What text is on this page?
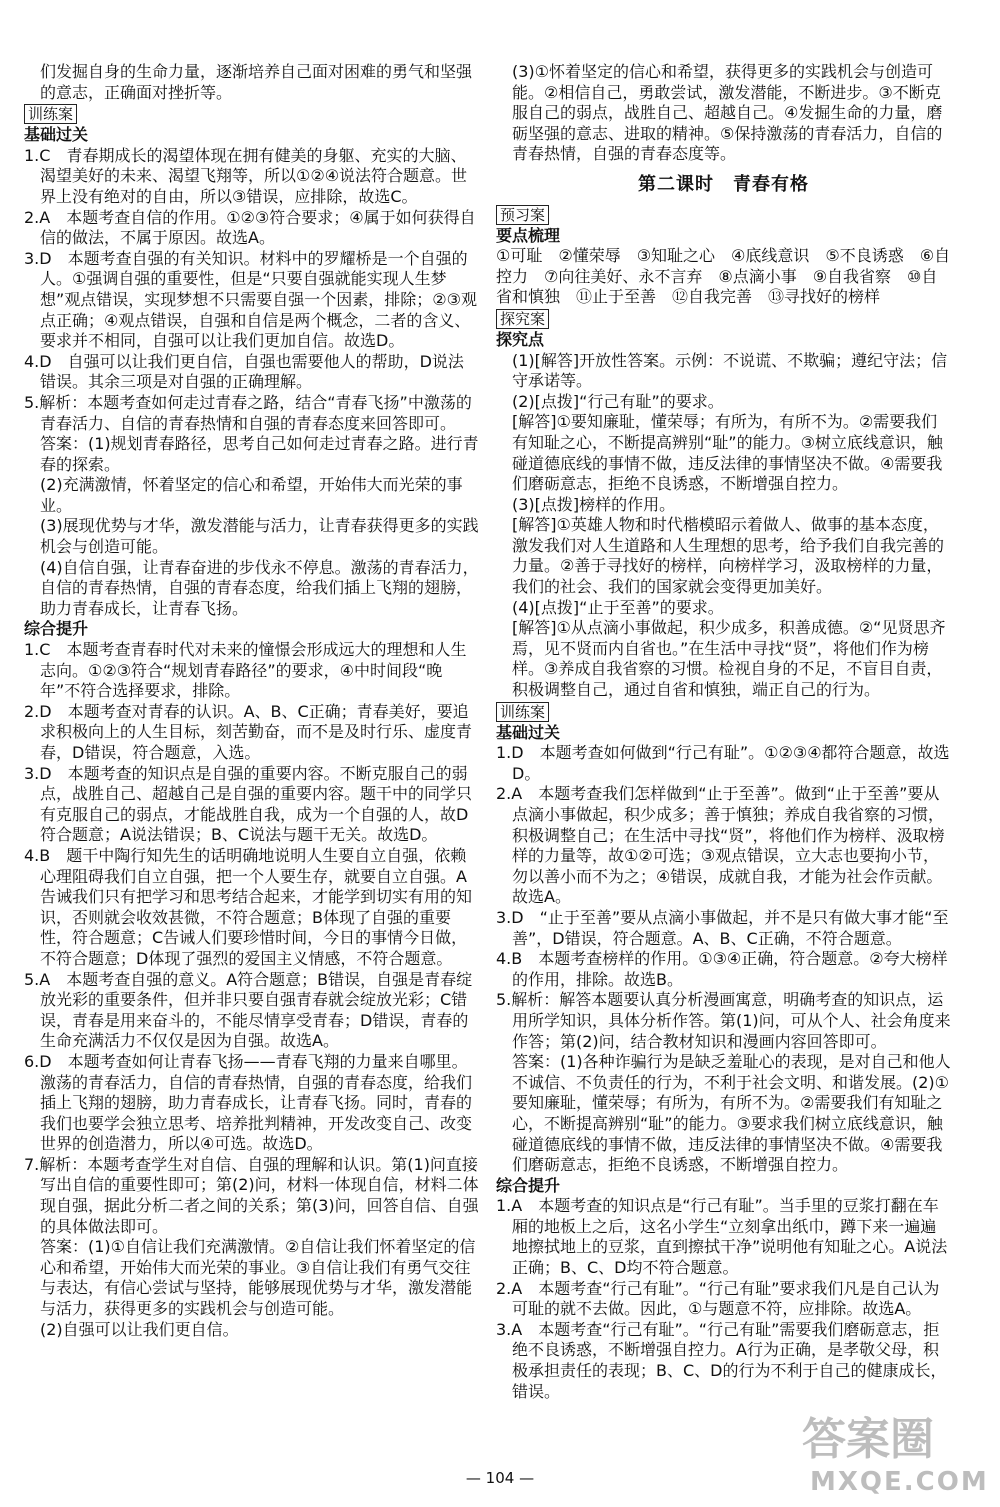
们发掘自身的生命力量，逐渐培养自己面对困难的勇气和坚强的意志，正确面对挫折等。

训练案

基础过关

1.C　青春期成长的渴望体现在拥有健美的身躯、充实的大脑、渴望美好的未来、渴望飞翔等，所以①②④说法符合题意。世界上没有绝对的自由，所以③错误，应排除，故选C。

2.A　本题考查自信的作用。①②③符合要求；④属于如何获得自信的做法，不属于原因。故选A。

3.D　本题考查自强的有关知识。材料中的罗耀桥是一个自强的人。①强调自强的重要性，但是“只要自强就能实现人生梦想”观点错误，实现梦想不只需要自强一个因素，排除；②③观点正确；④观点错误，自强和自信是两个概念，二者的含义、要求并不相同，自强可以让我们更加自信。故选D。

4.D　自强可以让我们更自信，自强也需要他人的帮助，D说法错误。其余三项是对自强的正确理解。

5.解析：本题考查如何走过青春之路，结合“青春飞扬”中激荡的青春活力、自信的青春热情和自强的青春态度来回答即可。

答案：(1)规划青春路径，思考自己如何走过青春之路。进行青春的探索。

(2)充满激情，怀着坚定的信心和希望，开始伟大而光荣的事业。

(3)展现优势与才华，激发潜能与活力，让青春获得更多的实践机会与创造可能。

(4)自信自强，让青春奋进的步伐永不停息。激荡的青春活力，自信的青春热情，自强的青春态度，给我们插上飞翔的翅膀，助力青春成长，让青春飞扬。

综合提升

1.C　本题考查青春时代对未来的憧憬会形成远大的理想和人生志向。①②③符合“规划青春路径”的要求，④中时间段“晚年”不符合选择要求，排除。

2.D　本题考查对青春的认识。A、B、C正确；青春美好，要追求积极向上的人生目标，刻苦勤奋，而不是及时行乐、虚度青春，D错误，符合题意，入选。

3.D　本题考查的知识点是自强的重要内容。不断克服自己的弱点，战胜自己、超越自己是自强的重要内容。题干中的同学只有克服自己的弱点，才能战胜自我，成为一个自强的人，故D符合题意；A说法错误；B、C说法与题干无关。故选D。

4.B　题干中陶行知先生的话明确地说明人生要自立自强，依赖心理阻碍我们自立自强，把一个人要生存，就要自立自强。A告诫我们只有把学习和思考结合起来，才能学到切实有用的知识，否则就会收效甚微，不符合题意；B体现了自强的重要性，符合题意；C告诫人们要珍惜时间，今日的事情今日做，不符合题意；D体现了强烈的爱国主义情感，不符合题意。

5.A　本题考查自强的意义。A符合题意；B错误，自强是青春绽放光彩的重要条件，但并非只要自强青春就会绽放光彩；C错误，青春是用来奋斗的，不能尽情享受青春；D错误，青春的生命充满活力不仅仅是因为自强。故选A。

6.D　本题考查如何让青春飞扬——青春飞翔的力量来自哪里。激荡的青春活力，自信的青春热情，自强的青春态度，给我们插上飞翔的翅膀，助力青春成长，让青春飞扬。同时，青春的我们也要学会独立思考、培养批判精神，开发改变自己、改变世界的创造潜力，所以④可选。故选D。

7.解析：本题考查学生对自信、自强的理解和认识。第(1)问直接写出自信的重要性即可；第(2)问，材料一体现自信，材料二体现自强，据此分析二者之间的关系；第(3)问，回答自信、自强的具体做法即可。

答案：(1)①自信让我们充满激情。②自信让我们怀着坚定的信心和希望，开始伟大而光荣的事业。③自信让我们有勇气交往与表达，有信心尝试与坚持，能够展现优势与才华，激发潜能与活力，获得更多的实践机会与创造可能。

(2)自强可以让我们更自信。

(3)①怀着坚定的信心和希望，获得更多的实践机会与创造可能。②相信自己，勇敢尝试，激发潜能，不断进步。③不断克服自己的弱点，战胜自己、超越自己。④发掘生命的力量，磨砺坚强的意志、进取的精神。⑤保持激荡的青春活力，自信的青春热情，自强的青春态度等。

第二课时　青春有格
预习案

要点梳理

①可耻　②懂荣辱　③知耻之心　④底线意识　⑤不良诱惑　⑥自控力　⑦向往美好、永不言弃　⑧点滴小事　⑨自我省察　⑩自省和慎独　⑪止于至善　⑫自我完善　⑬寻找好的榜样

探究案

探究点

(1)[解答]开放性答案。示例：不说谎、不欺骗；遵纪守法；信守承诺等。

(2)[点拨]“行己有耻”的要求。

[解答]①要知廉耻，懂荣辱；有所为，有所不为。②需要我们有知耻之心，不断提高辨别“耻”的能力。③树立底线意识，触碰道德底线的事情不做，违反法律的事情坚决不做。④需要我们磨砺意志，拒绝不良诱惑，不断增强自控力。

(3)[点拨]榜样的作用。

[解答]①英雄人物和时代楷模昭示着做人、做事的基本态度，激发我们对人生道路和人生理想的思考，给予我们自我完善的力量。②善于寻找好的榜样，向榜样学习，汲取榜样的力量，我们的社会、我们的国家就会变得更加美好。

(4)[点拨]“止于至善”的要求。

[解答]①从点滴小事做起，积少成多，积善成德。②“见贤思齐焉，见不贤而内自省也。”在生活中寻找“贤”，将他们作为榜样。③养成自我省察的习惯。检视自身的不足，不盲目自责，积极调整自己，通过自省和慎独，端正自己的行为。

训练案

基础过关

1.D　本题考查如何做到“行己有耻”。①②③④都符合题意，故选D。

2.A　本题考查我们怎样做到“止于至善”。做到“止于至善”要从点滴小事做起，积少成多；善于慎独；养成自我省察的习惯，积极调整自己；在生活中寻找“贤”，将他们作为榜样、汲取榜样的力量等，故①②可选；③观点错误，立大志也要拘小节，勿以善小而不为之；④错误，成就自我，才能为社会作贡献。故选A。

3.D　“止于至善”要从点滴小事做起，并不是只有做大事才能“至善”，D错误，符合题意。A、B、C正确，不符合题意。

4.B　本题考查榜样的作用。①③④正确，符合题意。②夸大榜样的作用，排除。故选B。

5.解析：解答本题要认真分析漫画寓意，明确考查的知识点，运用所学知识，具体分析作答。第(1)问，可从个人、社会角度来作答；第(2)问，结合教材知识和漫画内容回答即可。

答案：(1)各种诈骗行为是缺乏羞耻心的表现，是对自己和他人不诚信、不负责任的行为，不利于社会文明、和谐发展。(2)①要知廉耻，懂荣辱；有所为，有所不为。②需要我们有知耻之心，不断提高辨别“耻”的能力。③要求我们树立底线意识，触碰道德底线的事情不做，违反法律的事情坚决不做。④需要我们磨砺意志，拒绝不良诱惑，不断增强自控力。

综合提升

1.A　本题考查的知识点是“行己有耻”。当手里的豆浆打翻在车厢的地板上之后，这名小学生“立刻拿出纸巾，蹲下来一遍遍地擦拭地上的豆浆，直到擦拭干净”说明他有知耻之心。A说法正确；B、C、D均不符合题意。

2.A　本题考查“行己有耻”。“行己有耻”要求我们凡是自己认为可耻的就不去做。因此，①与题意不符，应排除。故选A。

3.A　本题考查“行己有耻”。“行己有耻”需要我们磨砺意志，拒绝不良诱惑，不断增强自控力。A行为正确，是孝敬父母，积极承担责任的表现；B、C、D的行为不利于自己的健康成长，错误。

— 104 —
答案圈
MXQE.COM
